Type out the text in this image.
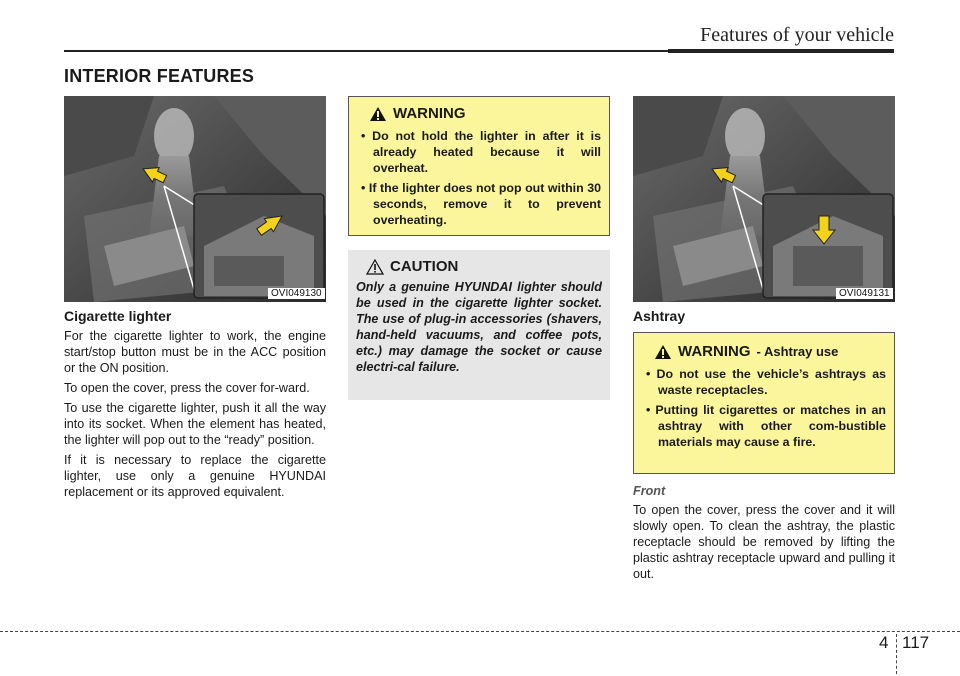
Features of your vehicle
INTERIOR FEATURES
OVI049130
Cigarette lighter

For the cigarette lighter to work, the engine start/stop button must be in the ACC position or the ON position.

To open the cover, press the cover for-ward.

To use the cigarette lighter, push it all the way into its socket. When the element has heated, the lighter will pop out to the “ready” position.

If it is necessary to replace the cigarette lighter, use only a genuine HYUNDAI replacement or its approved equivalent.

WARNING
• Do not hold the lighter in after it is already heated because it will overheat.
• If the lighter does not pop out within 30 seconds, remove it to prevent overheating.
CAUTION
Only a genuine HYUNDAI lighter should be used in the cigarette lighter socket. The use of plug-in accessories (shavers, hand-held vacuums, and coffee pots, etc.) may damage the socket or cause electri-cal failure.
OVI049131
Ashtray
WARNING - Ashtray use
• Do not use the vehicle’s ashtrays as waste receptacles.
• Putting lit cigarettes or matches in an ashtray with other com-bustible materials may cause a fire.
Front
To open the cover, press the cover and it will slowly open. To clean the ashtray, the plastic receptacle should be removed by lifting the plastic ashtray receptacle upward and pulling it out.
4 117
